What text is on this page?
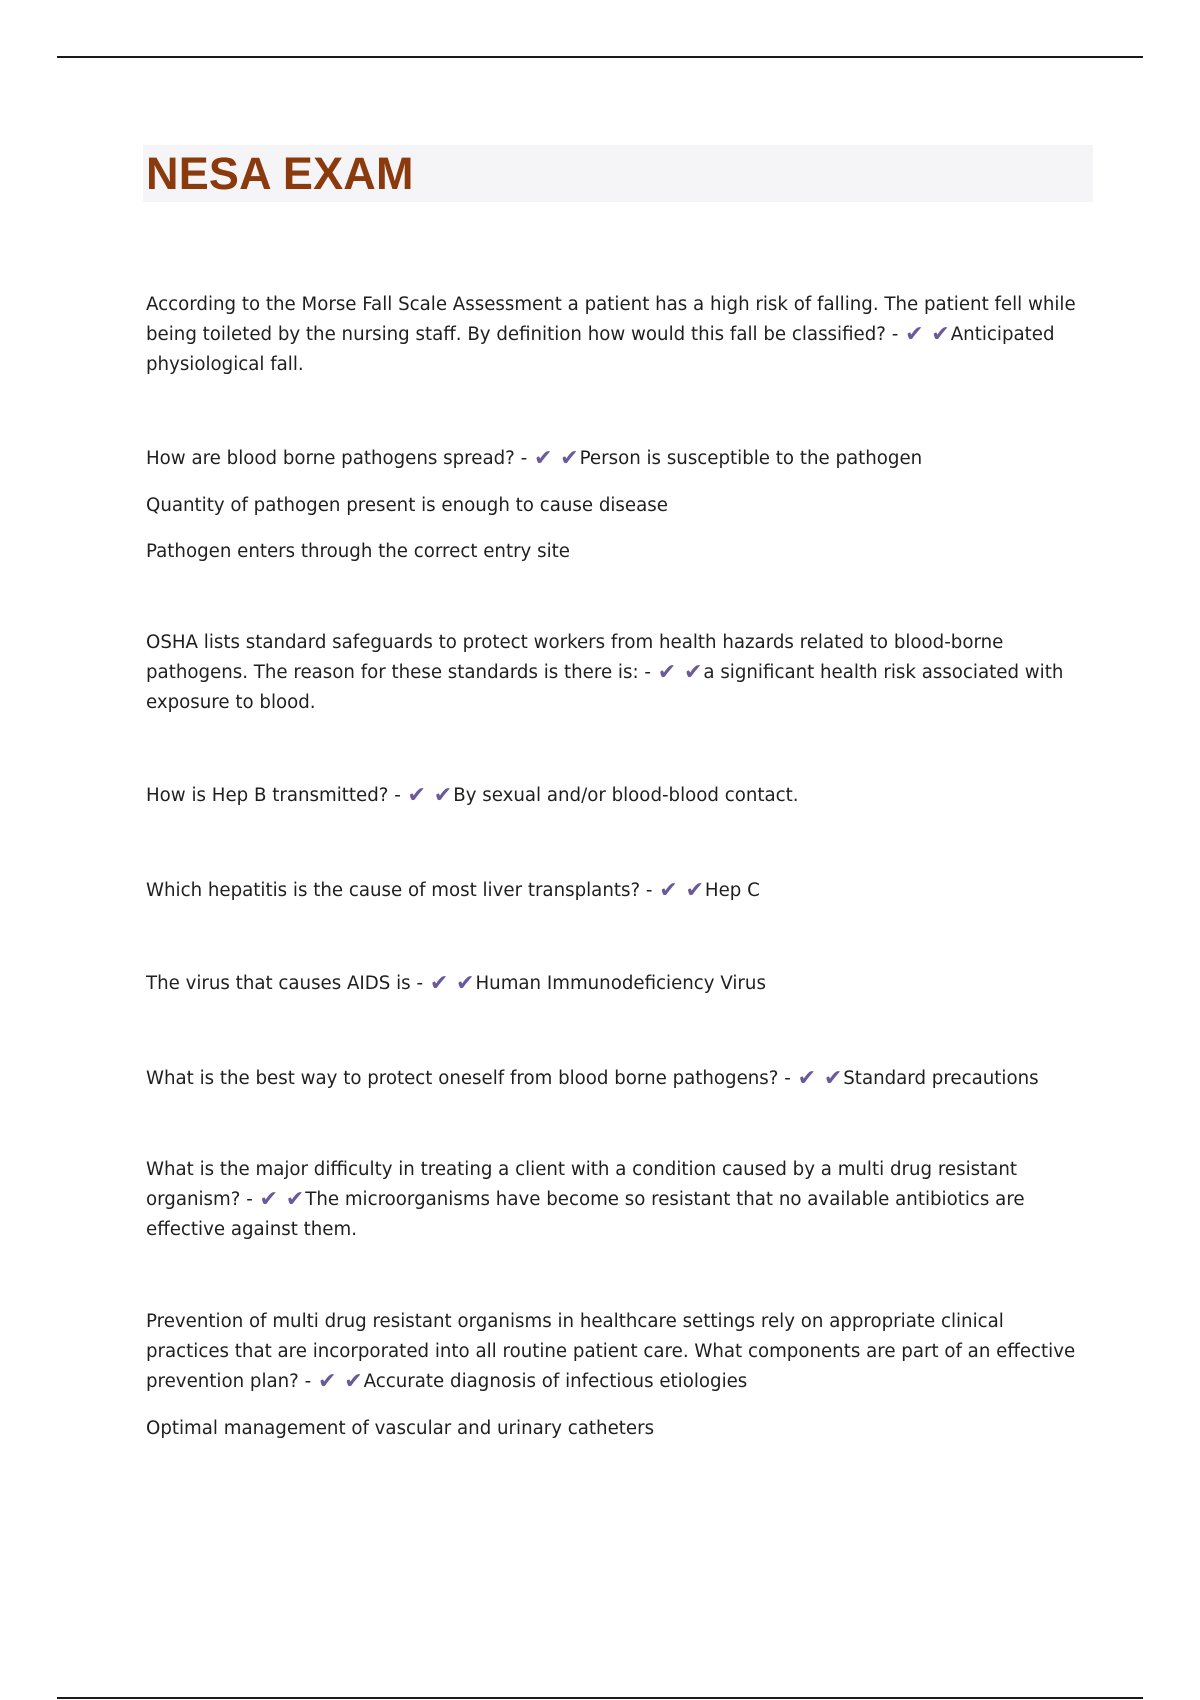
NESA EXAM

According to the Morse Fall Scale Assessment a patient has a high risk of falling. The patient fell while being toileted by the nursing staff. By definition how would this fall be classified? - ✔ ✔Anticipated physiological fall.

How are blood borne pathogens spread? - ✔ ✔Person is susceptible to the pathogen

Quantity of pathogen present is enough to cause disease

Pathogen enters through the correct entry site

OSHA lists standard safeguards to protect workers from health hazards related to blood-borne pathogens. The reason for these standards is there is: - ✔ ✔a significant health risk associated with exposure to blood.

How is Hep B transmitted? - ✔ ✔By sexual and/or blood-blood contact.

Which hepatitis is the cause of most liver transplants? - ✔ ✔Hep C

The virus that causes AIDS is - ✔ ✔Human Immunodeficiency Virus

What is the best way to protect oneself from blood borne pathogens? - ✔ ✔Standard precautions

What is the major difficulty in treating a client with a condition caused by a multi drug resistant organism? - ✔ ✔The microorganisms have become so resistant that no available antibiotics are effective against them.

Prevention of multi drug resistant organisms in healthcare settings rely on appropriate clinical practices that are incorporated into all routine patient care. What components are part of an effective prevention plan? - ✔ ✔Accurate diagnosis of infectious etiologies

Optimal management of vascular and urinary catheters
